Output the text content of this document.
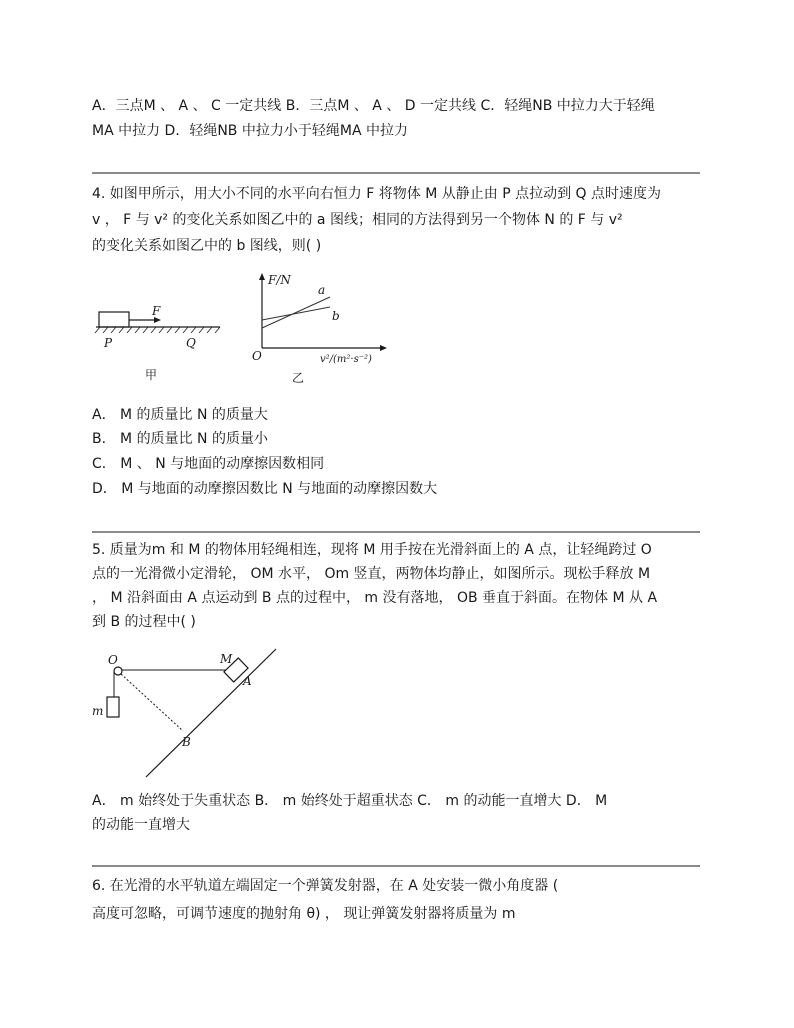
A．三点M 、 A 、 C 一定共线 B．三点M 、 A 、 D 一定共线 C．轻绳NB 中拉力大于轻绳
MA 中拉力 D．轻绳NB 中拉力小于轻绳MA 中拉力
4. 如图甲所示，用大小不同的水平向右恒力 F 将物体 M 从静止由 P 点拉动到 Q 点时速度为
v ， F 与 v² 的变化关系如图乙中的 a 图线；相同的方法得到另一个物体 N 的 F 与 v²
的变化关系如图乙中的 b 图线，则( )
F
P	Q
甲
F/N
v²/(m²·s⁻²)
O
a
b
乙
A． M 的质量比 N 的质量大
B． M 的质量比 N 的质量小
C． M 、 N 与地面的动摩擦因数相同
D． M 与地面的动摩擦因数比 N 与地面的动摩擦因数大
5. 质量为m 和 M 的物体用轻绳相连，现将 M 用手按在光滑斜面上的 A 点，让轻绳跨过 O
点的一光滑微小定滑轮， OM 水平， Om 竖直，两物体均静止，如图所示。现松手释放 M
， M 沿斜面由 A 点运动到 B 点的过程中， m 没有落地， OB 垂直于斜面。在物体 M 从 A
到 B 的过程中( )
O	M
A
B
m
A． m 始终处于失重状态 B． m 始终处于超重状态 C． m 的动能一直增大 D． M
的动能一直增大
6. 在光滑的水平轨道左端固定一个弹簧发射器，在 A 处安装一微小角度器 (
高度可忽略，可调节速度的抛射角 θ) ， 现让弹簧发射器将质量为 m
